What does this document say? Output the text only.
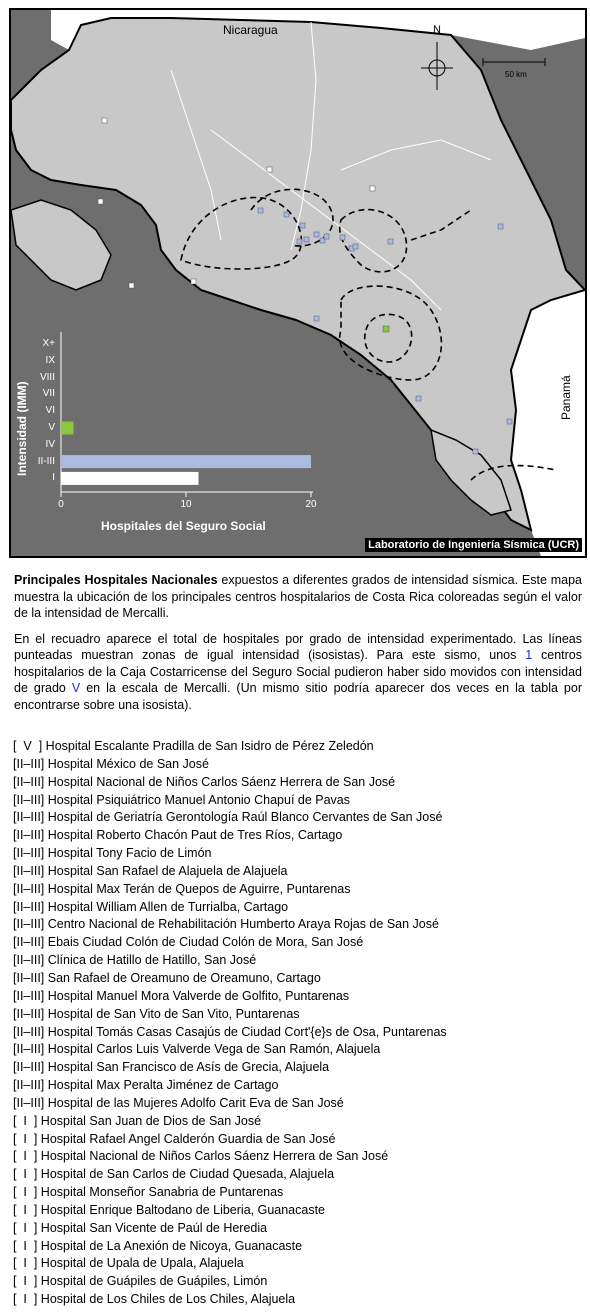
Nicaragua
Panamá
N
50 km
X+
IX
VIII
VII
VI
V
IV
II-III
I
0	10	20
Hospitales del Seguro Social
Intensidad (IMM)
Laboratorio de Ingeniería Sísmica (UCR)

Principales Hospitales Nacionales expuestos a diferentes grados de intensidad sísmica. Este mapa muestra la ubicación de los principales centros hospitalarios de Costa Rica coloreadas según el valor de la intensidad de Mercalli.

En el recuadro aparece el total de hospitales por grado de intensidad experimentado. Las líneas punteadas muestran zonas de igual intensidad (isosistas). Para este sismo, unos 1 centros hospitalarios de la Caja Costarricense del Seguro Social pudieron haber sido movidos con intensidad de grado V en la escala de Mercalli. (Un mismo sitio podría aparecer dos veces en la tabla por encontrarse sobre una isosista).

[  V  ] Hospital Escalante Pradilla de San Isidro de Pérez Zeledón
[II–III] Hospital México de San José
[II–III] Hospital Nacional de Niños Carlos Sáenz Herrera de San José
[II–III] Hospital Psiquiátrico Manuel Antonio Chapuí de Pavas
[II–III] Hospital de Geriatría Gerontología Raúl Blanco Cervantes de San José
[II–III] Hospital Roberto Chacón Paut de Tres Ríos, Cartago
[II–III] Hospital Tony Facio de Limón
[II–III] Hospital San Rafael de Alajuela de Alajuela
[II–III] Hospital Max Terán de Quepos de Aguirre, Puntarenas
[II–III] Hospital William Allen de Turrialba, Cartago
[II–III] Centro Nacional de Rehabilitación Humberto Araya Rojas de San José
[II–III] Ebais Ciudad Colón de Ciudad Colón de Mora, San José
[II–III] Clínica de Hatillo de Hatillo, San José
[II–III] San Rafael de Oreamuno de Oreamuno, Cartago
[II–III] Hospital Manuel Mora Valverde de Golfito, Puntarenas
[II–III] Hospital de San Vito de San Vito, Puntarenas
[II–III] Hospital Tomás Casas Casajús de Ciudad Cort'{e}s de Osa, Puntarenas
[II–III] Hospital Carlos Luis Valverde Vega de San Ramón, Alajuela
[II–III] Hospital San Francisco de Asís de Grecia, Alajuela
[II–III] Hospital Max Peralta Jiménez de Cartago
[II–III] Hospital de las Mujeres Adolfo Carit Eva de San José
[  I  ] Hospital San Juan de Dios de San José
[  I  ] Hospital Rafael Angel Calderón Guardia de San José
[  I  ] Hospital Nacional de Niños Carlos Sáenz Herrera de San José
[  I  ] Hospital de San Carlos de Ciudad Quesada, Alajuela
[  I  ] Hospital Monseñor Sanabria de Puntarenas
[  I  ] Hospital Enrique Baltodano de Liberia, Guanacaste
[  I  ] Hospital San Vicente de Paúl de Heredia
[  I  ] Hospital de La Anexión de Nicoya, Guanacaste
[  I  ] Hospital de Upala de Upala, Alajuela
[  I  ] Hospital de Guápiles de Guápiles, Limón
[  I  ] Hospital de Los Chiles de Los Chiles, Alajuela
